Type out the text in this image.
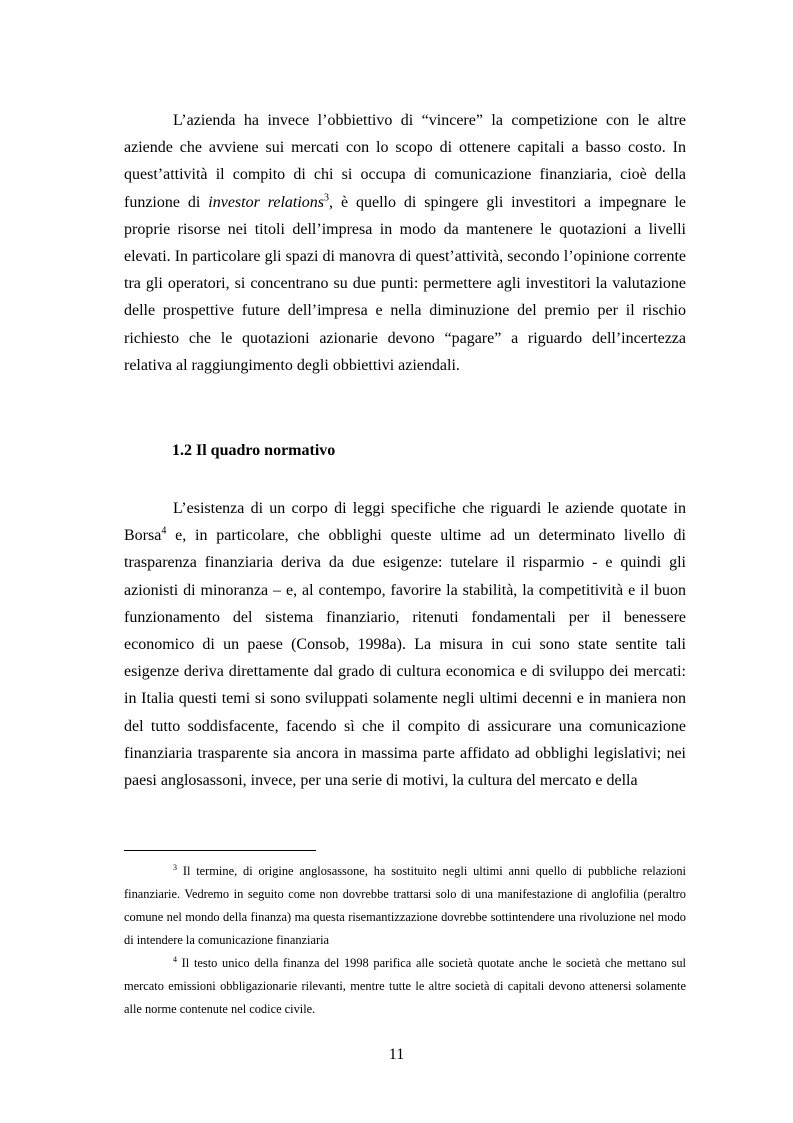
L’azienda ha invece l’obbiettivo di “vincere” la competizione con le altre aziende che avviene sui mercati con lo scopo di ottenere capitali a basso costo. In quest’attività il compito di chi si occupa di comunicazione finanziaria, cioè della funzione di investor relations$^3$, è quello di spingere gli investitori a impegnare le proprie risorse nei titoli dell’impresa in modo da mantenere le quotazioni a livelli elevati. In particolare gli spazi di manovra di quest’attività, secondo l’opinione corrente tra gli operatori, si concentrano su due punti: permettere agli investitori la valutazione delle prospettive future dell’impresa e nella diminuzione del premio per il rischio richiesto che le quotazioni azionarie devono “pagare” a riguardo dell’incertezza relativa al raggiungimento degli obbiettivi aziendali.

1.2 Il quadro normativo

L’esistenza di un corpo di leggi specifiche che riguardi le aziende quotate in Borsa$^4$ e, in particolare, che obblighi queste ultime ad un determinato livello di trasparenza finanziaria deriva da due esigenze: tutelare il risparmio - e quindi gli azionisti di minoranza – e, al contempo, favorire la stabilità, la competitività e il buon funzionamento del sistema finanziario, ritenuti fondamentali per il benessere economico di un paese (Consob, 1998a). La misura in cui sono state sentite tali esigenze deriva direttamente dal grado di cultura economica e di sviluppo dei mercati: in Italia questi temi si sono sviluppati solamente negli ultimi decenni e in maniera non del tutto soddisfacente, facendo sì che il compito di assicurare una comunicazione finanziaria trasparente sia ancora in massima parte affidato ad obblighi legislativi; nei paesi anglosassoni, invece, per una serie di motivi, la cultura del mercato e della

$^3$ Il termine, di origine anglosassone, ha sostituito negli ultimi anni quello di pubbliche relazioni finanziarie. Vedremo in seguito come non dovrebbe trattarsi solo di una manifestazione di anglofilia (peraltro comune nel mondo della finanza) ma questa risemantizzazione dovrebbe sottintendere una rivoluzione nel modo di intendere la comunicazione finanziaria

$^4$ Il testo unico della finanza del 1998 parifica alle società quotate anche le società che mettano sul mercato emissioni obbligazionarie rilevanti, mentre tutte le altre società di capitali devono attenersi solamente alle norme contenute nel codice civile.

11
